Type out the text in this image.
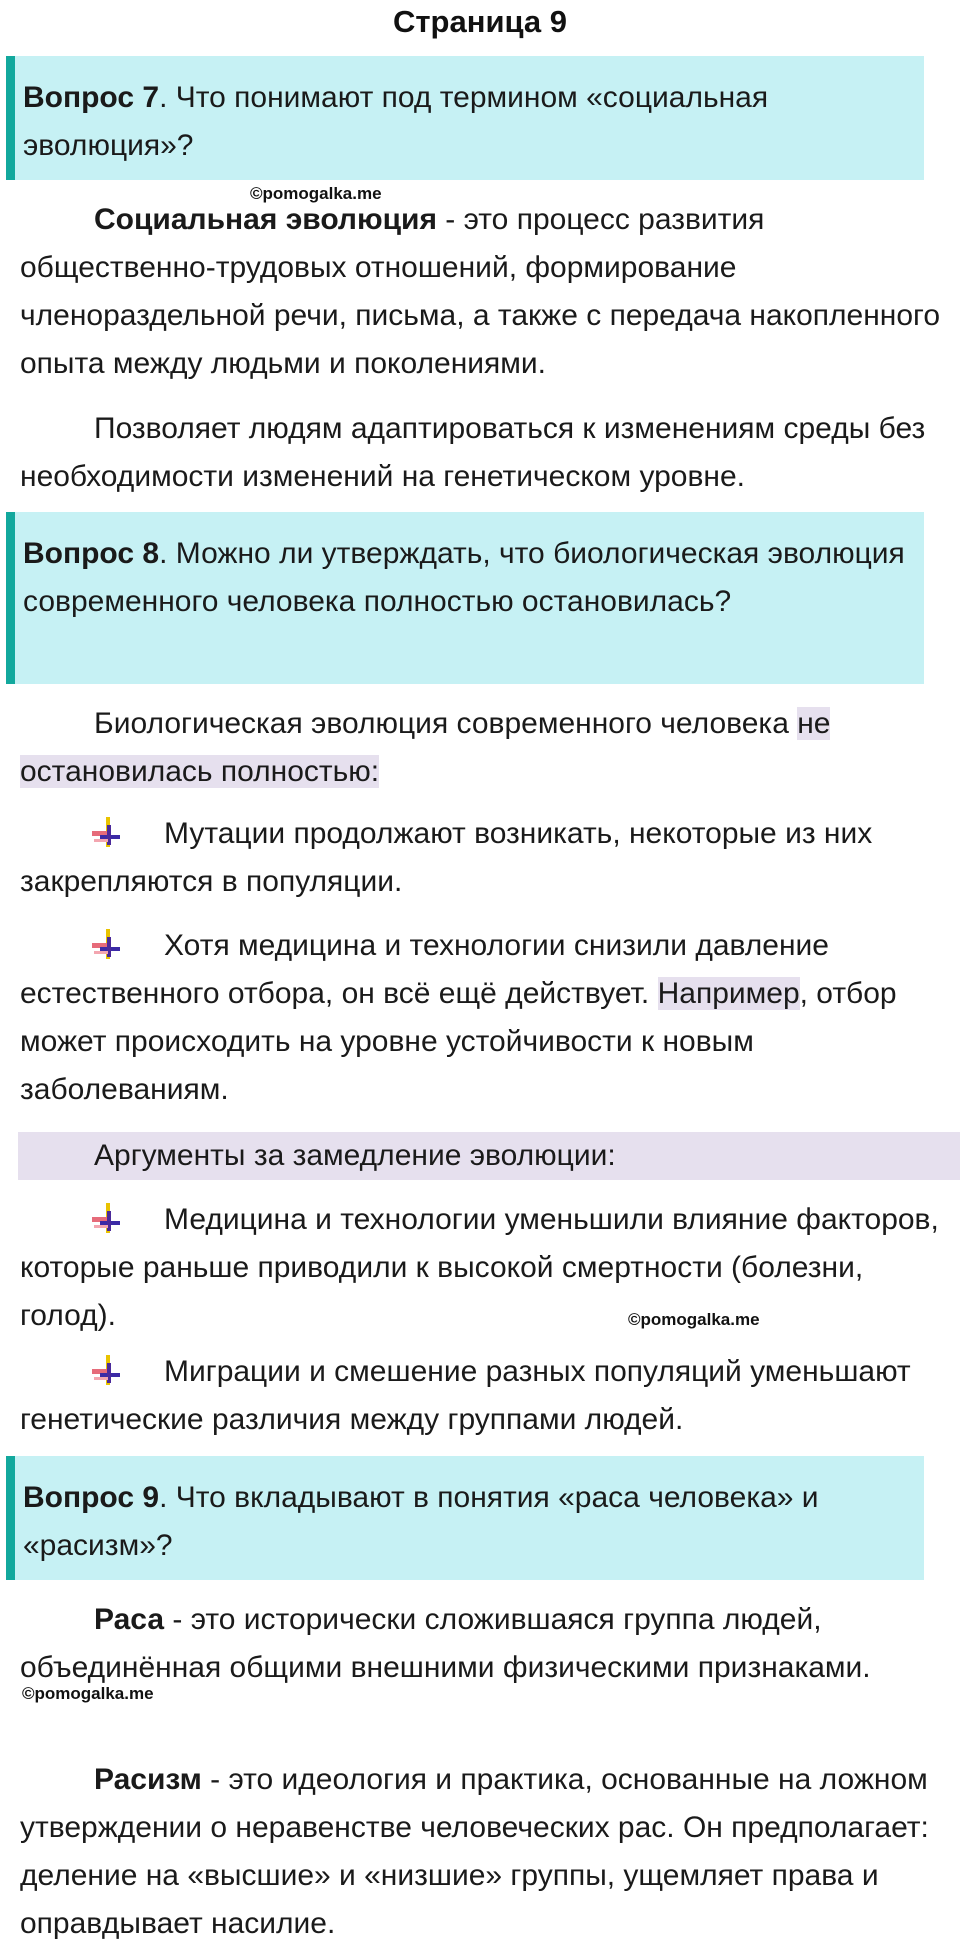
Страница 9
Вопрос 7. Что понимают под термином «социальная эволюция»?
©pomogalka.me
Социальная эволюция - это процесс развития общественно-трудовых отношений, формирование членораздельной речи, письма, а также с передача накопленного опыта между людьми и поколениями.
Позволяет людям адаптироваться к изменениям среды без необходимости изменений на генетическом уровне.
Вопрос 8. Можно ли утверждать, что биологическая эволюция современного человека полностью остановилась?
Биологическая эволюция современного человека не остановилась полностью:
Мутации продолжают возникать, некоторые из них закрепляются в популяции.
Хотя медицина и технологии снизили давление естественного отбора, он всё ещё действует. Например, отбор может происходить на уровне устойчивости к новым заболеваниям.
Аргументы за замедление эволюции:
Медицина и технологии уменьшили влияние факторов, которые раньше приводили к высокой смертности (болезни, голод).	©pomogalka.me
Миграции и смешение разных популяций уменьшают генетические различия между группами людей.
Вопрос 9. Что вкладывают в понятия «раса человека» и «расизм»?
Раса - это исторически сложившаяся группа людей, объединённая общими внешними физическими признаками.
©pomogalka.me
Расизм - это идеология и практика, основанные на ложном утверждении о неравенстве человеческих рас. Он предполагает: деление на «высшие» и «низшие» группы, ущемляет права и оправдывает насилие.
